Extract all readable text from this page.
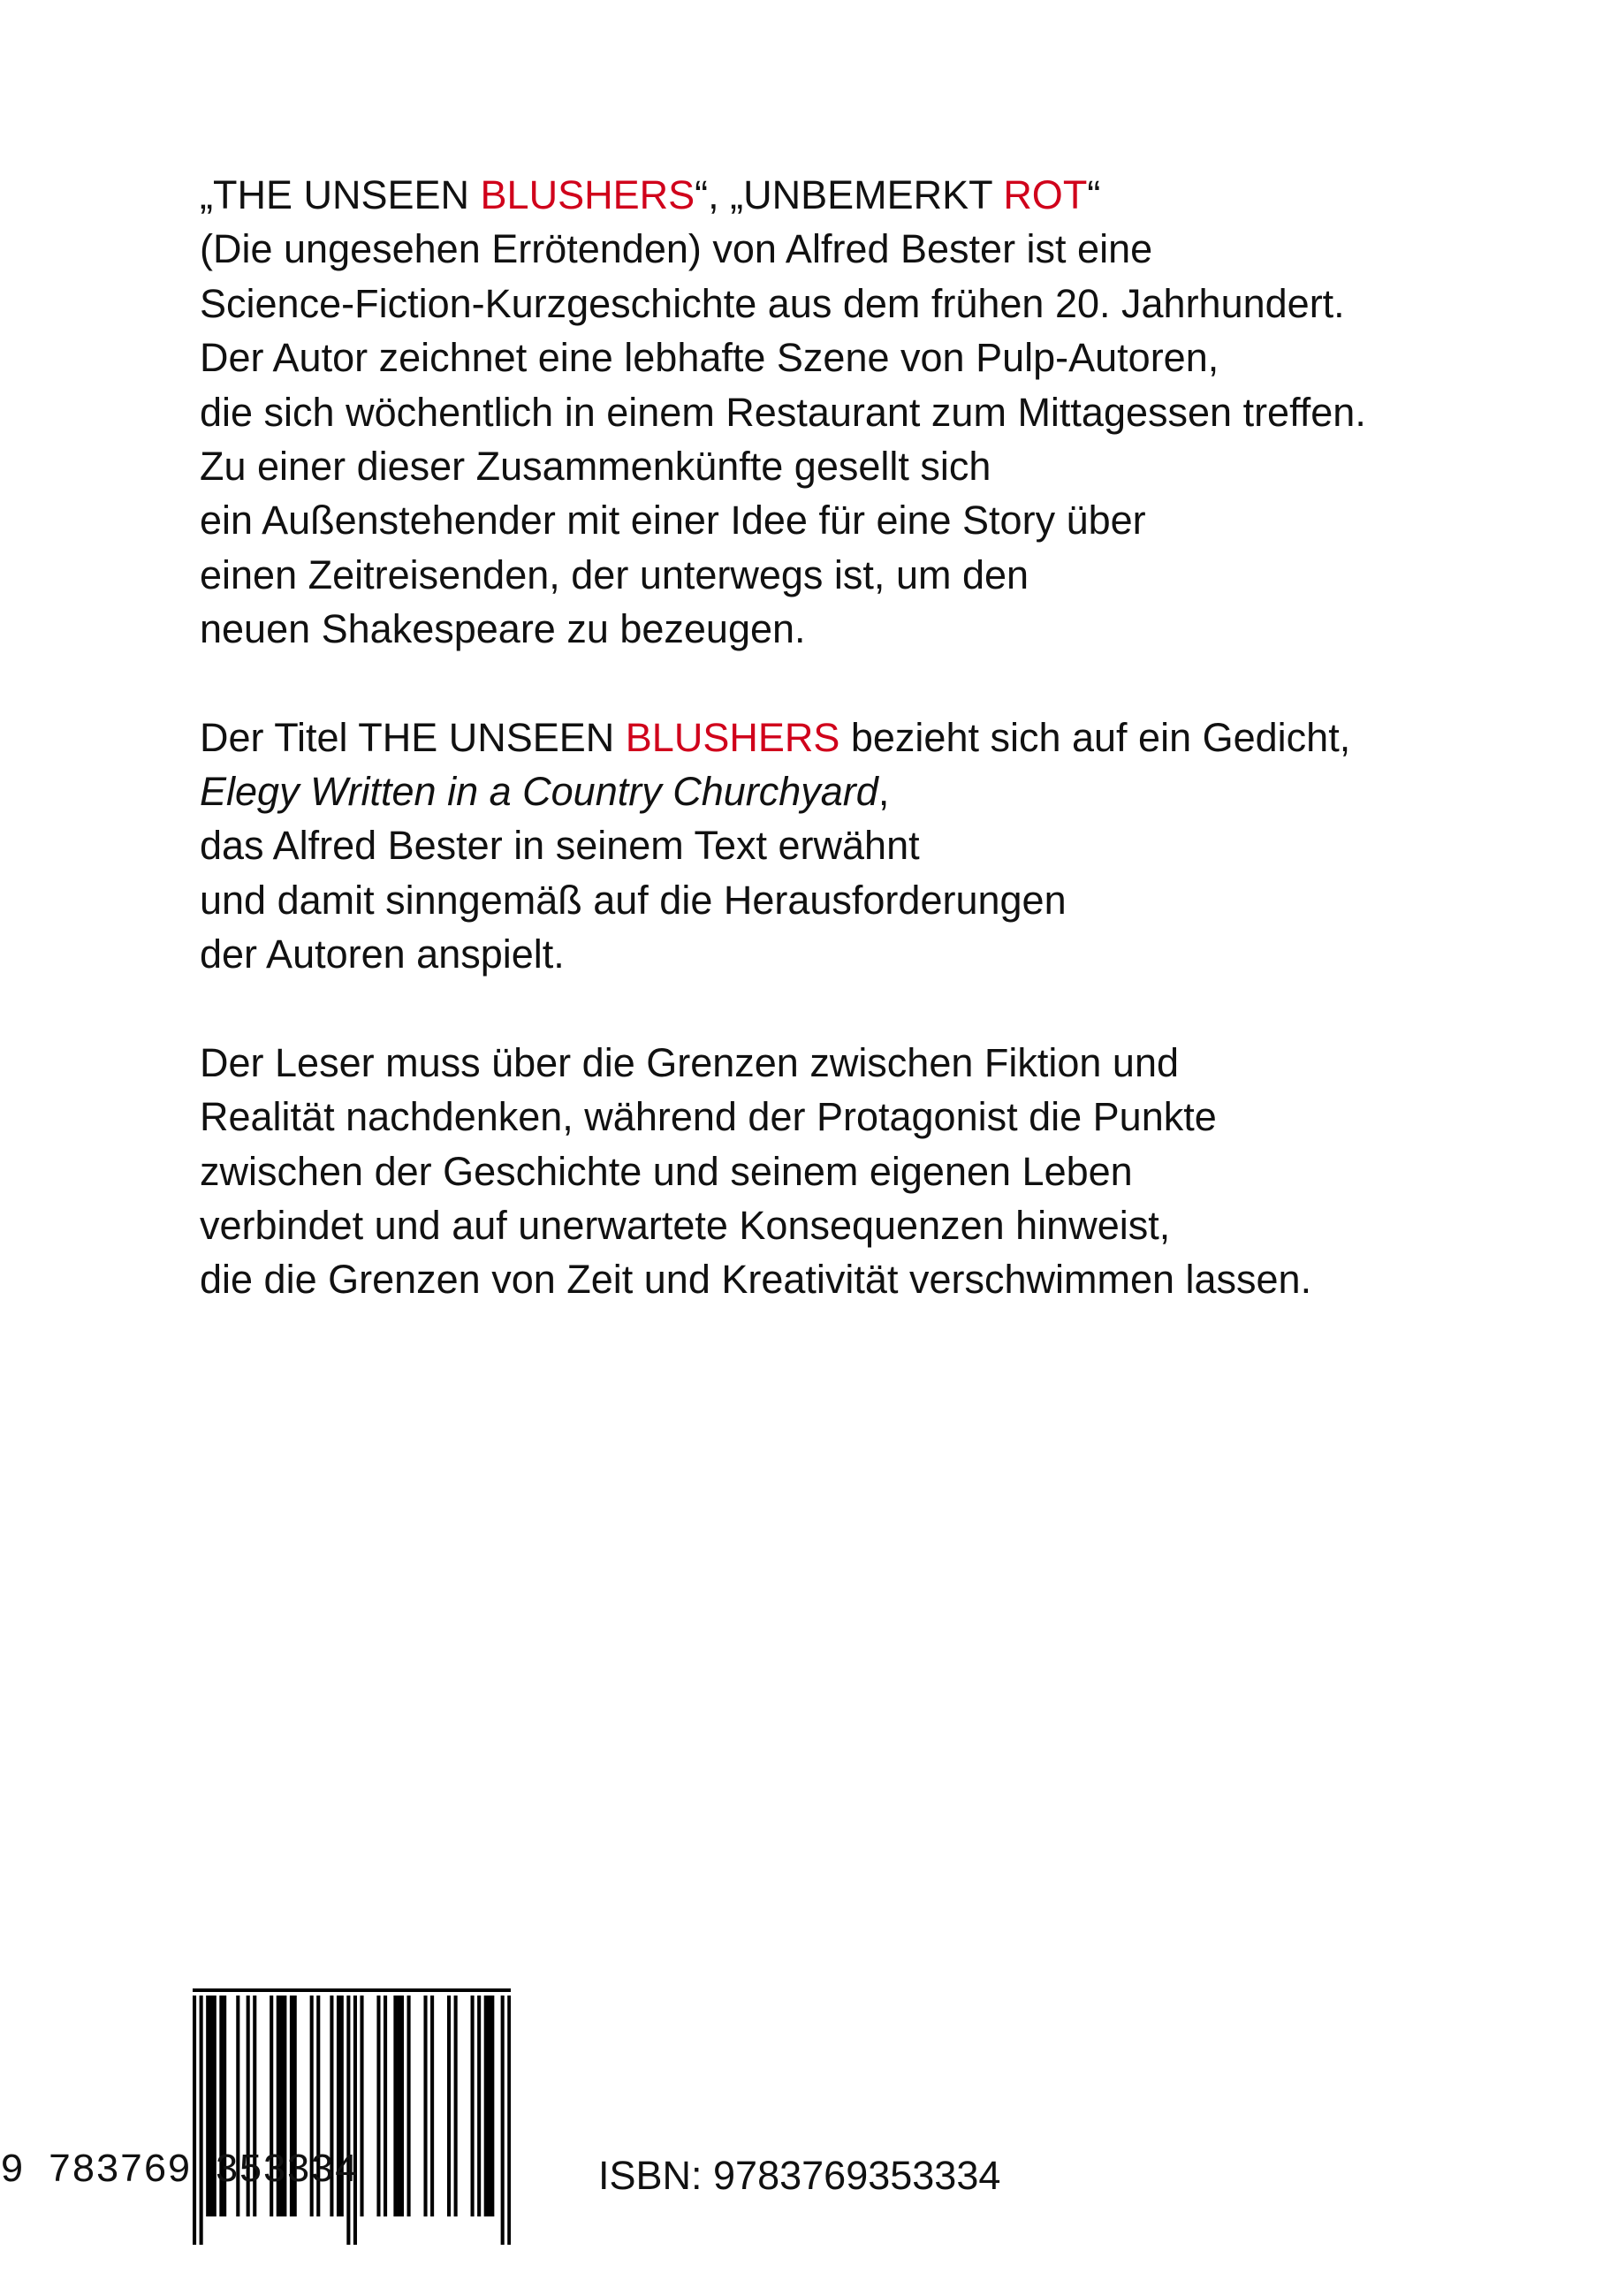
„THE UNSEEN BLUSHERS“, „UNBEMERKT ROT“
(Die ungesehen Errötenden) von Alfred Bester ist eine
Science-Fiction-Kurzgeschichte aus dem frühen 20. Jahrhundert.
Der Autor zeichnet eine lebhafte Szene von Pulp-Autoren,
die sich wöchentlich in einem Restaurant zum Mittagessen treffen.
Zu einer dieser Zusammenkünfte gesellt sich
ein Außenstehender mit einer Idee für eine Story über
einen Zeitreisenden, der unterwegs ist, um den
neuen Shakespeare zu bezeugen.
Der Titel THE UNSEEN BLUSHERS bezieht sich auf ein Gedicht,
Elegy Written in a Country Churchyard,
das Alfred Bester in seinem Text erwähnt
und damit sinngemäß auf die Herausforderungen
der Autoren anspielt.
Der Leser muss über die Grenzen zwischen Fiktion und
Realität nachdenken, während der Protagonist die Punkte
zwischen der Geschichte und seinem eigenen Leben
verbindet und auf unerwartete Konsequenzen hinweist,
die die Grenzen von Zeit und Kreativität verschwimmen lassen.
9 783769 353334	ISBN: 9783769353334
